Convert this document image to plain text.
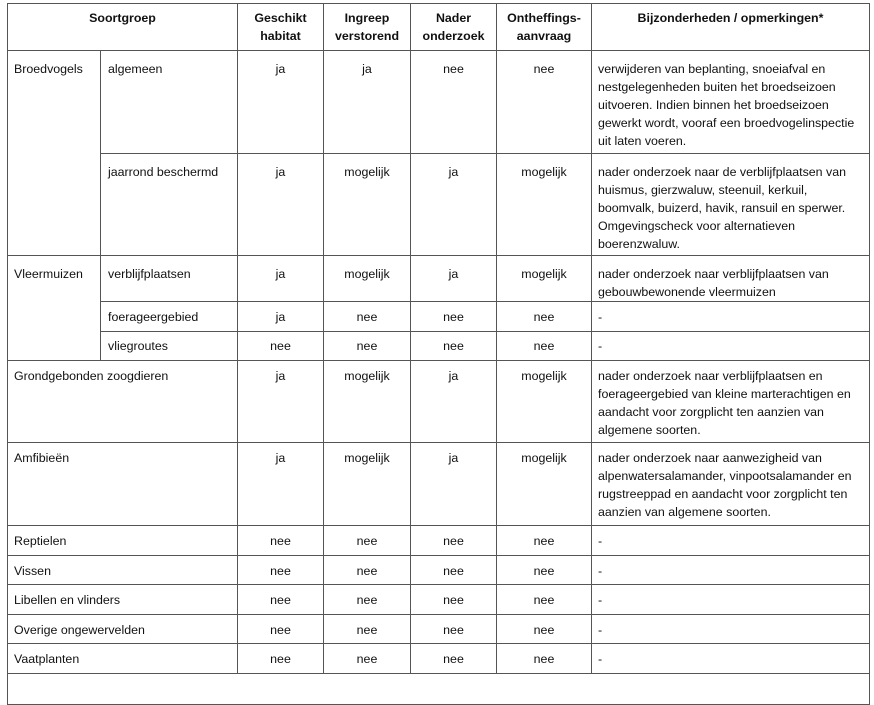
Soortgroep		Geschikt habitat	Ingreep verstorend	Nader onderzoek	Ontheffings-aanvraag	Bijzonderheden / opmerkingen*
Broedvogels	algemeen	ja	ja	nee	nee	verwijderen van beplanting, snoeiafval en nestgelegenheden buiten het broedseizoen uitvoeren. Indien binnen het broedseizoen gewerkt wordt, vooraf een broedvogelinspectie uit laten voeren.
	jaarrond beschermd	ja	mogelijk	ja	mogelijk	nader onderzoek naar de verblijfplaatsen van huismus, gierzwaluw, steenuil, kerkuil, boomvalk, buizerd, havik, ransuil en sperwer. Omgevingscheck voor alternatieven boerenzwaluw.
Vleermuizen	verblijfplaatsen	ja	mogelijk	ja	mogelijk	nader onderzoek naar verblijfplaatsen van gebouwbewonende vleermuizen
	foerageergebied	ja	nee	nee	nee	-
	vliegroutes	nee	nee	nee	nee	-
Grondgebonden zoogdieren		ja	mogelijk	ja	mogelijk	nader onderzoek naar verblijfplaatsen en foerageergebied van kleine marterachtigen en aandacht voor zorgplicht ten aanzien van algemene soorten.
Amfibieën		ja	mogelijk	ja	mogelijk	nader onderzoek naar aanwezigheid van alpenwatersalamander, vinpootsalamander en rugstreeppad en aandacht voor zorgplicht ten aanzien van algemene soorten.
Reptielen		nee	nee	nee	nee	-
Vissen		nee	nee	nee	nee	-
Libellen en vlinders		nee	nee	nee	nee	-
Overige ongewervelden		nee	nee	nee	nee	-
Vaatplanten		nee	nee	nee	nee	-
